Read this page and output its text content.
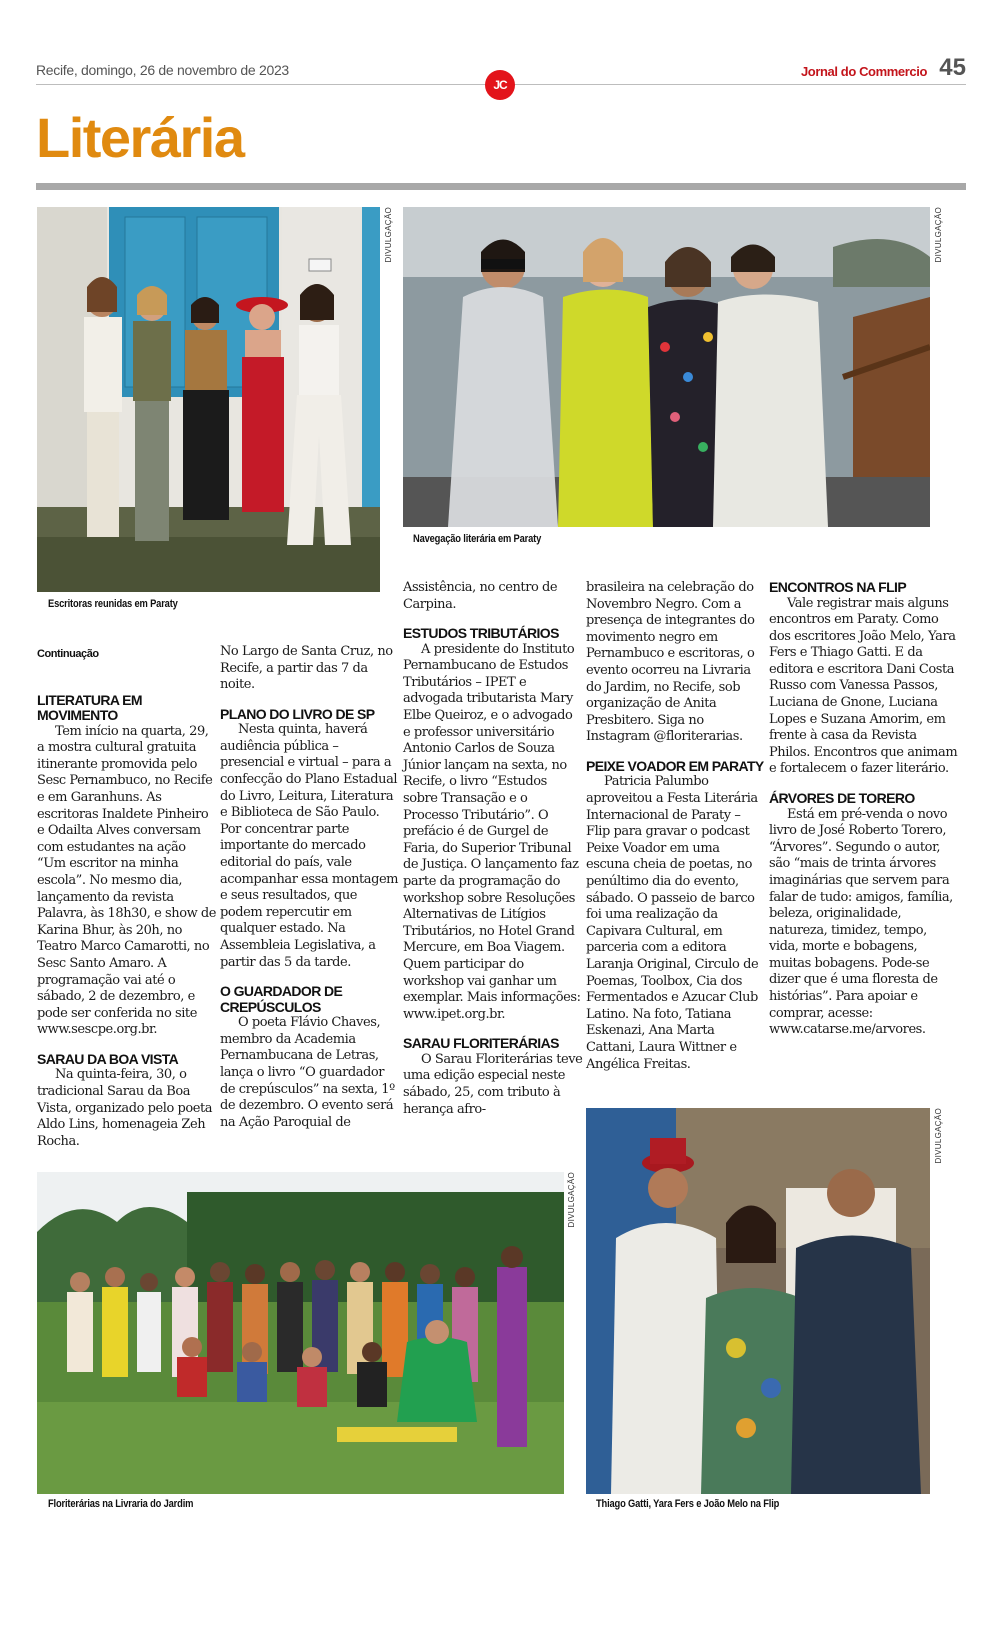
Recife, domingo, 26 de novembro de 2023
JC
Jornal do Commercio 45
Literária
DIVULGAÇÃO
Escritoras reunidas em Paraty
DIVULGAÇÃO
Navegação literária em Paraty
Continuação
LITERATURA EM MOVIMENTO

Tem início na quarta, 29, a mostra cultural gratuita itinerante promovida pelo Sesc Pernambuco, no Recife e em Garanhuns. As escritoras Inaldete Pinheiro e Odailta Alves conversam com estudantes na ação “Um escritor na minha escola”. No mesmo dia, lançamento da revista Palavra, às 18h30, e show de Karina Bhur, às 20h, no Teatro Marco Camarotti, no Sesc Santo Amaro. A programação vai até o sábado, 2 de dezembro, e pode ser conferida no site www.sescpe.org.br.

SARAU DA BOA VISTA

Na quinta-feira, 30, o tradicional Sarau da Boa Vista, organizado pelo poeta Aldo Lins, homenageia Zeh Rocha.

No Largo de Santa Cruz, no Recife, a partir das 7 da noite.

PLANO DO LIVRO DE SP

Nesta quinta, haverá audiência pública – presencial e virtual – para a confecção do Plano Estadual do Livro, Leitura, Literatura e Biblioteca de São Paulo. Por concentrar parte importante do mercado editorial do país, vale acompanhar essa montagem e seus resultados, que podem repercutir em qualquer estado. Na Assembleia Legislativa, a partir das 5 da tarde.

O GUARDADOR DE CREPÚSCULOS

O poeta Flávio Chaves, membro da Academia Pernambucana de Letras, lança o livro “O guardador de crepúsculos” na sexta, 1º de dezembro. O evento será na Ação Paroquial de

Assistência, no centro de Carpina.

ESTUDOS TRIBUTÁRIOS

A presidente do Instituto Pernambucano de Estudos Tributários – IPET e advogada tributarista Mary Elbe Queiroz, e o advogado e professor universitário Antonio Carlos de Souza Júnior lançam na sexta, no Recife, o livro “Estudos sobre Transação e o Processo Tributário”. O prefácio é de Gurgel de Faria, do Superior Tribunal de Justiça. O lançamento faz parte da programação do workshop sobre Resoluções Alternativas de Litígios Tributários, no Hotel Grand Mercure, em Boa Viagem. Quem participar do workshop vai ganhar um exemplar. Mais informações: www.ipet.org.br.

SARAU FLORITERÁRIAS

O Sarau Floriterárias teve uma edição especial neste sábado, 25, com tributo à herança afro-

brasileira na celebração do Novembro Negro. Com a presença de integrantes do movimento negro em Pernambuco e escritoras, o evento ocorreu na Livraria do Jardim, no Recife, sob organização de Anita Presbitero. Siga no Instagram @floriterarias.

PEIXE VOADOR EM PARATY

Patricia Palumbo aproveitou a Festa Literária Internacional de Paraty – Flip para gravar o podcast Peixe Voador em uma escuna cheia de poetas, no penúltimo dia do evento, sábado. O passeio de barco foi uma realização da Capivara Cultural, em parceria com a editora Laranja Original, Circulo de Poemas, Toolbox, Cia dos Fermentados e Azucar Club Latino. Na foto, Tatiana Eskenazi, Ana Marta Cattani, Laura Wittner e Angélica Freitas.

ENCONTROS NA FLIP

Vale registrar mais alguns encontros em Paraty. Como dos escritores João Melo, Yara Fers e Thiago Gatti. E da editora e escritora Dani Costa Russo com Vanessa Passos, Luciana de Gnone, Luciana Lopes e Suzana Amorim, em frente à casa da Revista Philos. Encontros que animam e fortalecem o fazer literário.

ÁRVORES DE TORERO

Está em pré-venda o novo livro de José Roberto Torero, “Árvores”. Segundo o autor, são “mais de trinta árvores imaginárias que servem para falar de tudo: amigos, família, beleza, originalidade, natureza, timidez, tempo, vida, morte e bobagens, muitas bobagens. Pode-se dizer que é uma floresta de histórias”. Para apoiar e comprar, acesse: www.catarse.me/arvores.

DIVULGAÇÃO
Floriterárias na Livraria do Jardim
DIVULGAÇÃO
Thiago Gatti, Yara Fers e João Melo na Flip
